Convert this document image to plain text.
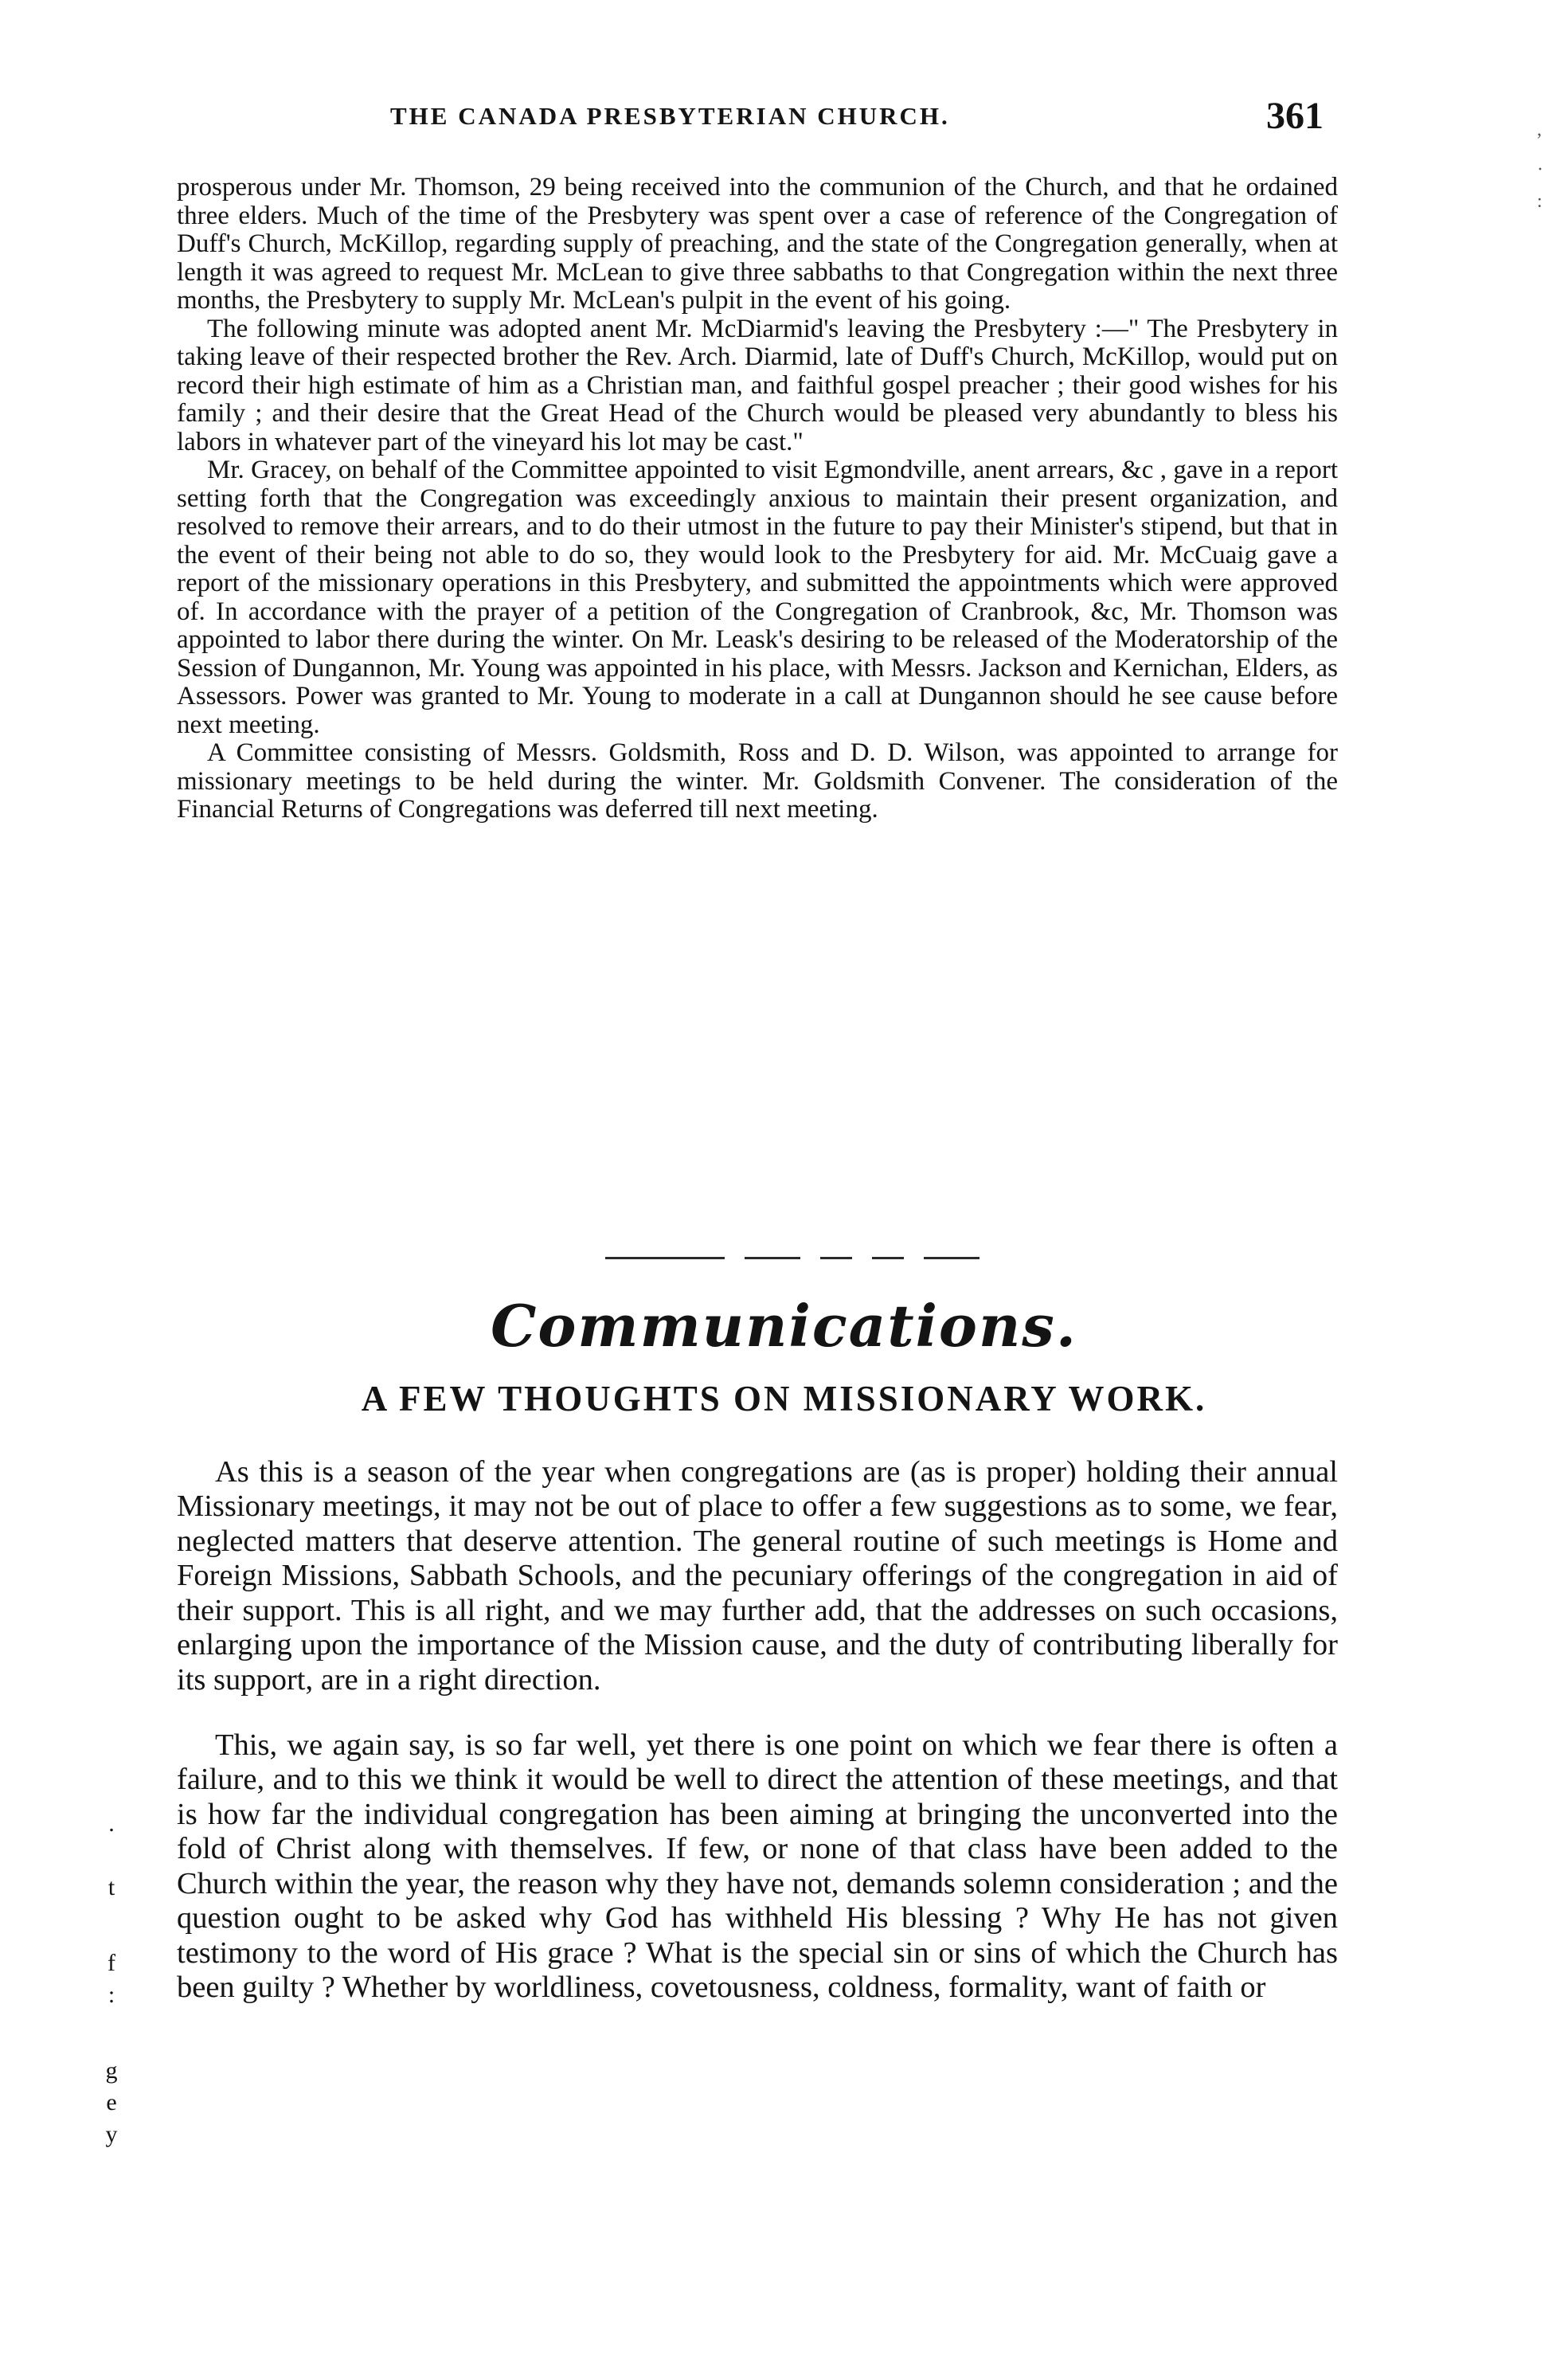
THE CANADA PRESBYTERIAN CHURCH.	361

prosperous under Mr. Thomson, 29 being received into the communion of the Church, and that he ordained three elders. Much of the time of the Presbytery was spent over a case of reference of the Congregation of Duff's Church, McKillop, regarding supply of preaching, and the state of the Congregation generally, when at length it was agreed to request Mr. McLean to give three sabbaths to that Congregation within the next three months, the Presbytery to supply Mr. McLean's pulpit in the event of his going.

The following minute was adopted anent Mr. McDiarmid's leaving the Presbytery :—" The Presbytery in taking leave of their respected brother the Rev. Arch. Diarmid, late of Duff's Church, McKillop, would put on record their high estimate of him as a Christian man, and faithful gospel preacher ; their good wishes for his family ; and their desire that the Great Head of the Church would be pleased very abundantly to bless his labors in whatever part of the vineyard his lot may be cast."

Mr. Gracey, on behalf of the Committee appointed to visit Egmondville, anent arrears, &c , gave in a report setting forth that the Congregation was exceedingly anxious to maintain their present organization, and resolved to remove their arrears, and to do their utmost in the future to pay their Minister's stipend, but that in the event of their being not able to do so, they would look to the Presbytery for aid. Mr. McCuaig gave a report of the missionary operations in this Presbytery, and submitted the appointments which were approved of. In accordance with the prayer of a petition of the Congregation of Cranbrook, &c, Mr. Thomson was appointed to labor there during the winter. On Mr. Leask's desiring to be released of the Moderatorship of the Session of Dungannon, Mr. Young was appointed in his place, with Messrs. Jackson and Kernichan, Elders, as Assessors. Power was granted to Mr. Young to moderate in a call at Dungannon should he see cause before next meeting.

A Committee consisting of Messrs. Goldsmith, Ross and D. D. Wilson, was appointed to arrange for missionary meetings to be held during the winter. Mr. Goldsmith Convener. The consideration of the Financial Returns of Congregations was deferred till next meeting.

Communications.
A FEW THOUGHTS ON MISSIONARY WORK.

As this is a season of the year when congregations are (as is proper) holding their annual Missionary meetings, it may not be out of place to offer a few suggestions as to some, we fear, neglected matters that deserve attention. The general routine of such meetings is Home and Foreign Missions, Sabbath Schools, and the pecuniary offerings of the congregation in aid of their support. This is all right, and we may further add, that the addresses on such occasions, enlarging upon the importance of the Mission cause, and the duty of contributing liberally for its support, are in a right direction.

This, we again say, is so far well, yet there is one point on which we fear there is often a failure, and to this we think it would be well to direct the attention of these meetings, and that is how far the individual congregation has been aiming at bringing the unconverted into the fold of Christ along with themselves. If few, or none of that class have been added to the Church within the year, the reason why they have not, demands solemn consideration ; and the question ought to be asked why God has withheld His blessing ? Why He has not given testimony to the word of His grace ? What is the special sin or sins of which the Church has been guilty ? Whether by worldliness, covetousness, coldness, formality, want of faith or

.
t
f
:
g
e
y
,
·
:
